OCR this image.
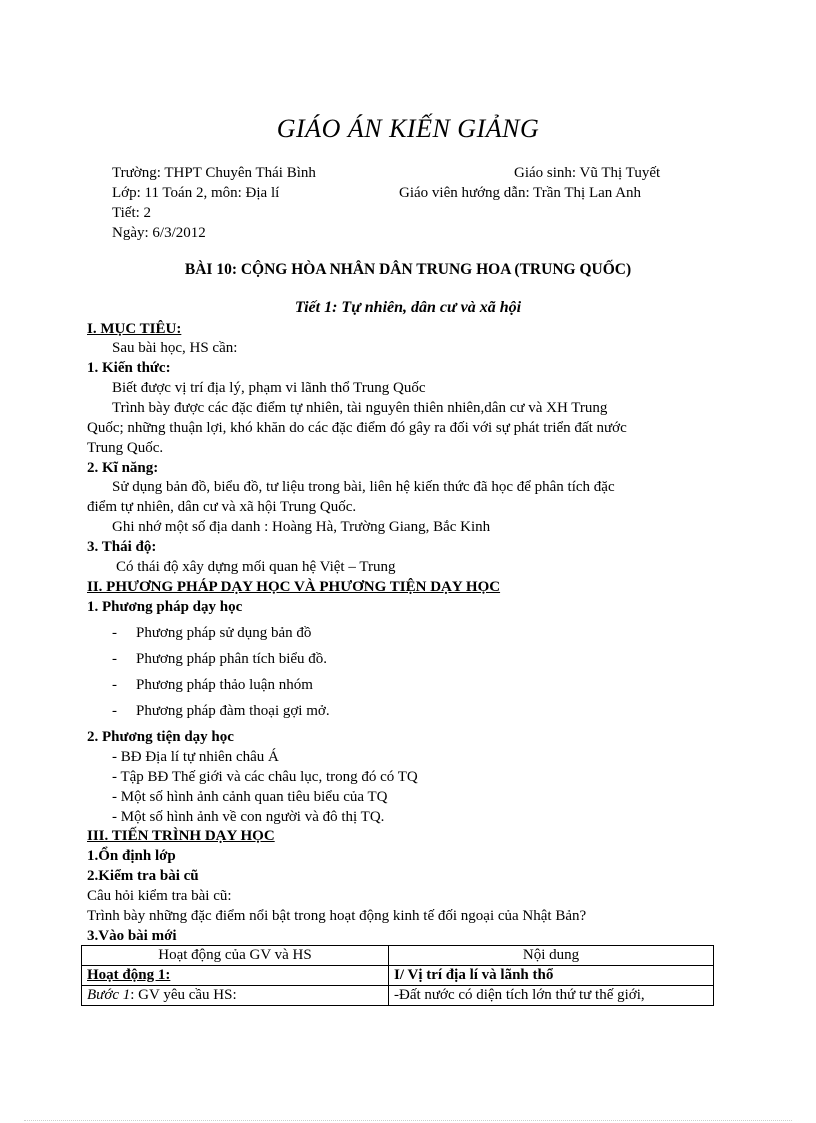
GIÁO ÁN KIẾN GIẢNG
Trường: THPT Chuyên Thái Bình	Giáo sinh: Vũ Thị Tuyết
Lớp: 11 Toán 2, môn: Địa lí	Giáo viên hướng dẫn: Trần Thị Lan Anh
Tiết: 2
Ngày: 6/3/2012
BÀI 10: CỘNG HÒA NHÂN DÂN TRUNG HOA (TRUNG QUỐC)
Tiết 1: Tự nhiên, dân cư và xã hội
I. MỤC TIÊU:
Sau bài học, HS cần:
1. Kiến thức:
Biết được vị trí địa lý, phạm vi lãnh thổ Trung Quốc
Trình bày được các đặc điểm tự nhiên, tài nguyên thiên nhiên,dân cư và XH Trung
Quốc; những thuận lợi, khó khăn do các đặc điểm đó gây ra đối với sự phát triển đất nước
Trung Quốc.
2. Kĩ năng:
Sử dụng bản đồ, biểu đồ, tư liệu trong bài, liên hệ kiến thức đã học để phân tích đặc
điểm tự nhiên, dân cư và xã hội Trung Quốc.
Ghi nhớ một số địa danh : Hoàng Hà, Trường Giang, Bắc Kinh
3. Thái độ:
Có thái độ xây dựng mối quan hệ Việt – Trung
II. PHƯƠNG PHÁP DẠY HỌC VÀ PHƯƠNG TIỆN DẠY HỌC
1. Phương pháp dạy học
- Phương pháp sử dụng bản đồ
- Phương pháp phân tích biểu đồ.
- Phương pháp thảo luận nhóm
- Phương pháp đàm thoại gợi mở.
2. Phương tiện dạy học
- BĐ Địa lí tự nhiên châu Á
- Tập BĐ Thế giới và các châu lục, trong đó có TQ
- Một số hình ảnh cảnh quan tiêu biểu của TQ
- Một số hình ảnh về con người và đô thị TQ.
III. TIẾN TRÌNH DẠY HỌC
1.Ổn định lớp
2.Kiểm tra bài cũ
Câu hỏi kiểm tra bài cũ:
Trình bày những đặc điểm nổi bật trong hoạt động kinh tế đối ngoại của Nhật Bản?
3.Vào bài mới
Hoạt động của GV và HS	Nội dung
Hoạt động 1:	I/ Vị trí địa lí và lãnh thổ
Bước 1: GV yêu cầu HS:	-Đất nước có diện tích lớn thứ tư thế giới,
